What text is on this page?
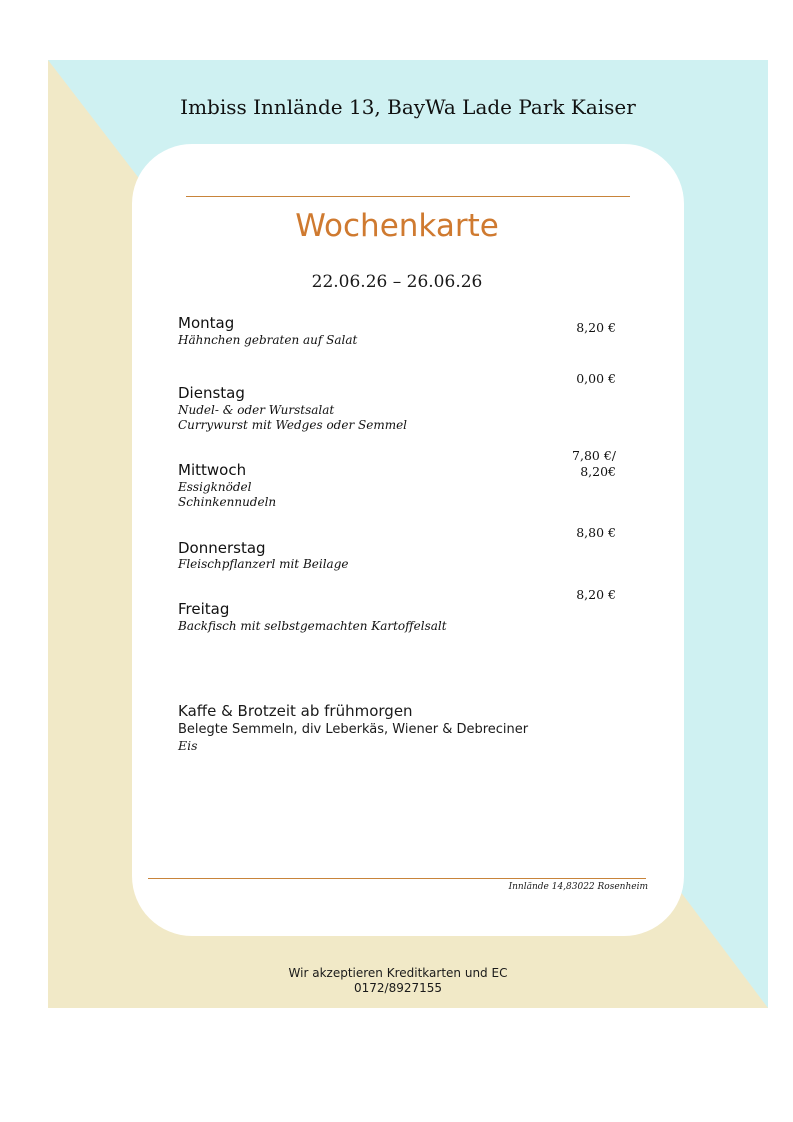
Imbiss Innlände 13, BayWa Lade Park Kaiser
Wochenkarte
22.06.26 – 26.06.26
Montag
Hähnchen gebraten auf Salat
8,20 €
0,00 €
Dienstag
Nudel- & oder Wurstsalat
Currywurst mit Wedges oder Semmel
7,80 €/
8,20€
Mittwoch
Essigknödel
Schinkennudeln
8,80 €
Donnerstag
Fleischpflanzerl mit Beilage
8,20 €
Freitag
Backfisch mit selbstgemachten Kartoffelsalt
Kaffe & Brotzeit ab frühmorgen
Belegte Semmeln, div Leberkäs, Wiener & Debreciner
Eis
Innlände 14,83022 Rosenheim
Wir akzeptieren Kreditkarten und EC
0172/8927155
